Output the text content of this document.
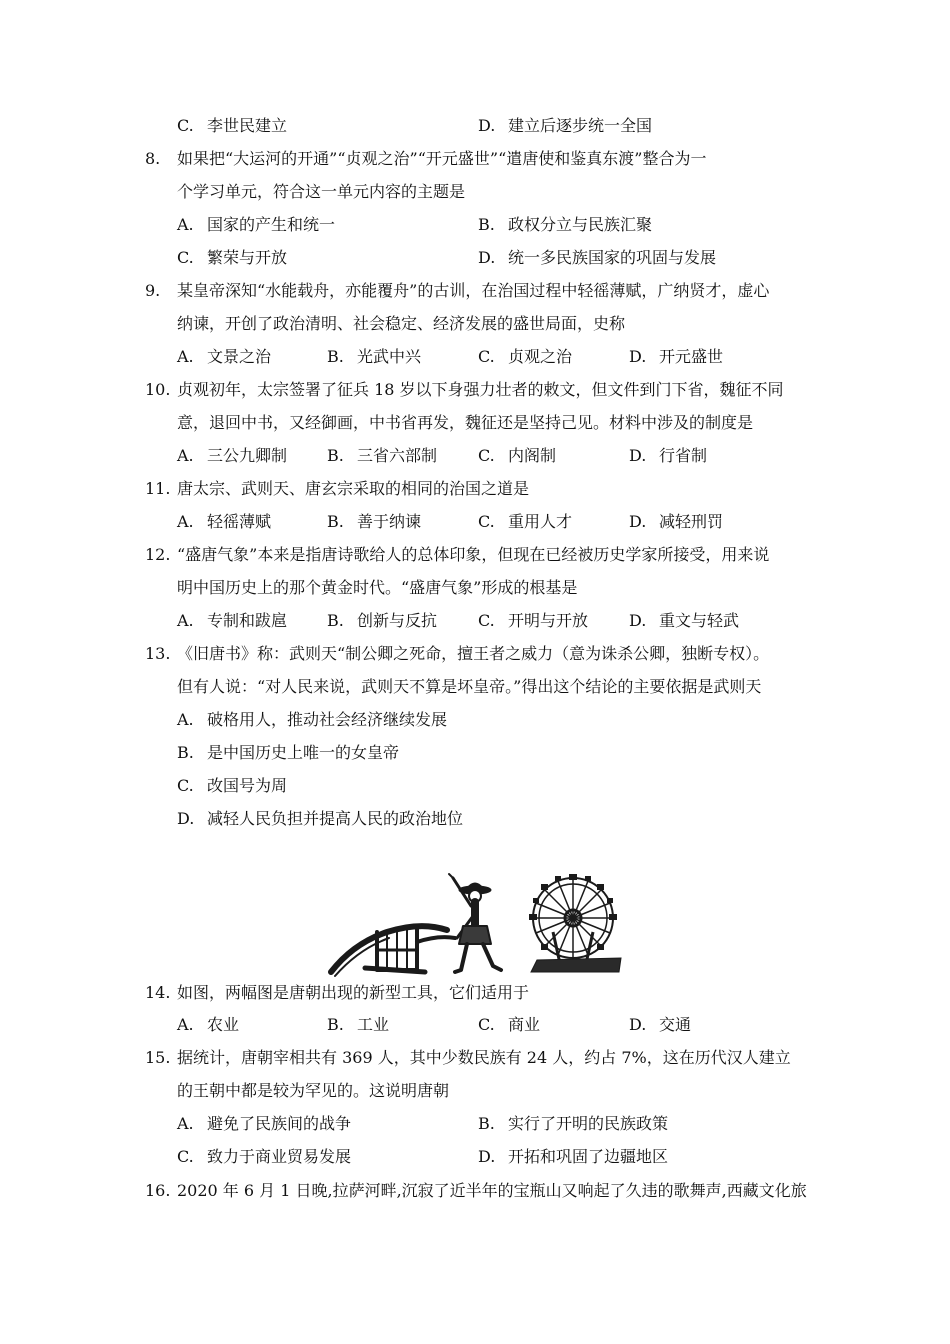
C. 李世民建立	D. 建立后逐步统一全国
8. 如果把“大运河的开通”“贞观之治”“开元盛世”“遣唐使和鉴真东渡”整合为一
个学习单元，符合这一单元内容的主题是
A. 国家的产生和统一	B. 政权分立与民族汇聚
C. 繁荣与开放	D. 统一多民族国家的巩固与发展
9. 某皇帝深知“水能载舟，亦能覆舟”的古训，在治国过程中轻徭薄赋，广纳贤才，虚心
纳谏，开创了政治清明、社会稳定、经济发展的盛世局面，史称
A. 文景之治	B. 光武中兴	C. 贞观之治	D. 开元盛世
10. 贞观初年，太宗签署了征兵 18 岁以下身强力壮者的敕文，但文件到门下省，魏征不同
意，退回中书，又经御画，中书省再发，魏征还是坚持己见。材料中涉及的制度是
A. 三公九卿制 B. 三省六部制	C. 内阁制	D. 行省制
11. 唐太宗、武则天、唐玄宗采取的相同的治国之道是
A. 轻徭薄赋	B. 善于纳谏	C. 重用人才	D. 减轻刑罚
12. “盛唐气象”本来是指唐诗歌给人的总体印象，但现在已经被历史学家所接受，用来说
明中国历史上的那个黄金时代。“盛唐气象”形成的根基是
A. 专制和跋扈 B. 创新与反抗	C. 开明与开放	D. 重文与轻武
13. 《旧唐书》称：武则天“制公卿之死命，擅王者之威力（意为诛杀公卿，独断专权）。
但有人说：“对人民来说，武则天不算是坏皇帝。”得出这个结论的主要依据是武则天
A. 破格用人，推动社会经济继续发展
B. 是中国历史上唯一的女皇帝
C. 改国号为周
D. 减轻人民负担并提高人民的政治地位
14. 如图，两幅图是唐朝出现的新型工具，它们适用于
A. 农业	B. 工业	C. 商业	D. 交通
15. 据统计，唐朝宰相共有 369 人，其中少数民族有 24 人，约占 7%，这在历代汉人建立
的王朝中都是较为罕见的。这说明唐朝
A. 避免了民族间的战争	B. 实行了开明的民族政策
C. 致力于商业贸易发展	D. 开拓和巩固了边疆地区
16. 2020 年 6 月 1 日晚,拉萨河畔,沉寂了近半年的宝瓶山又响起了久违的歌舞声,西藏文化旅
